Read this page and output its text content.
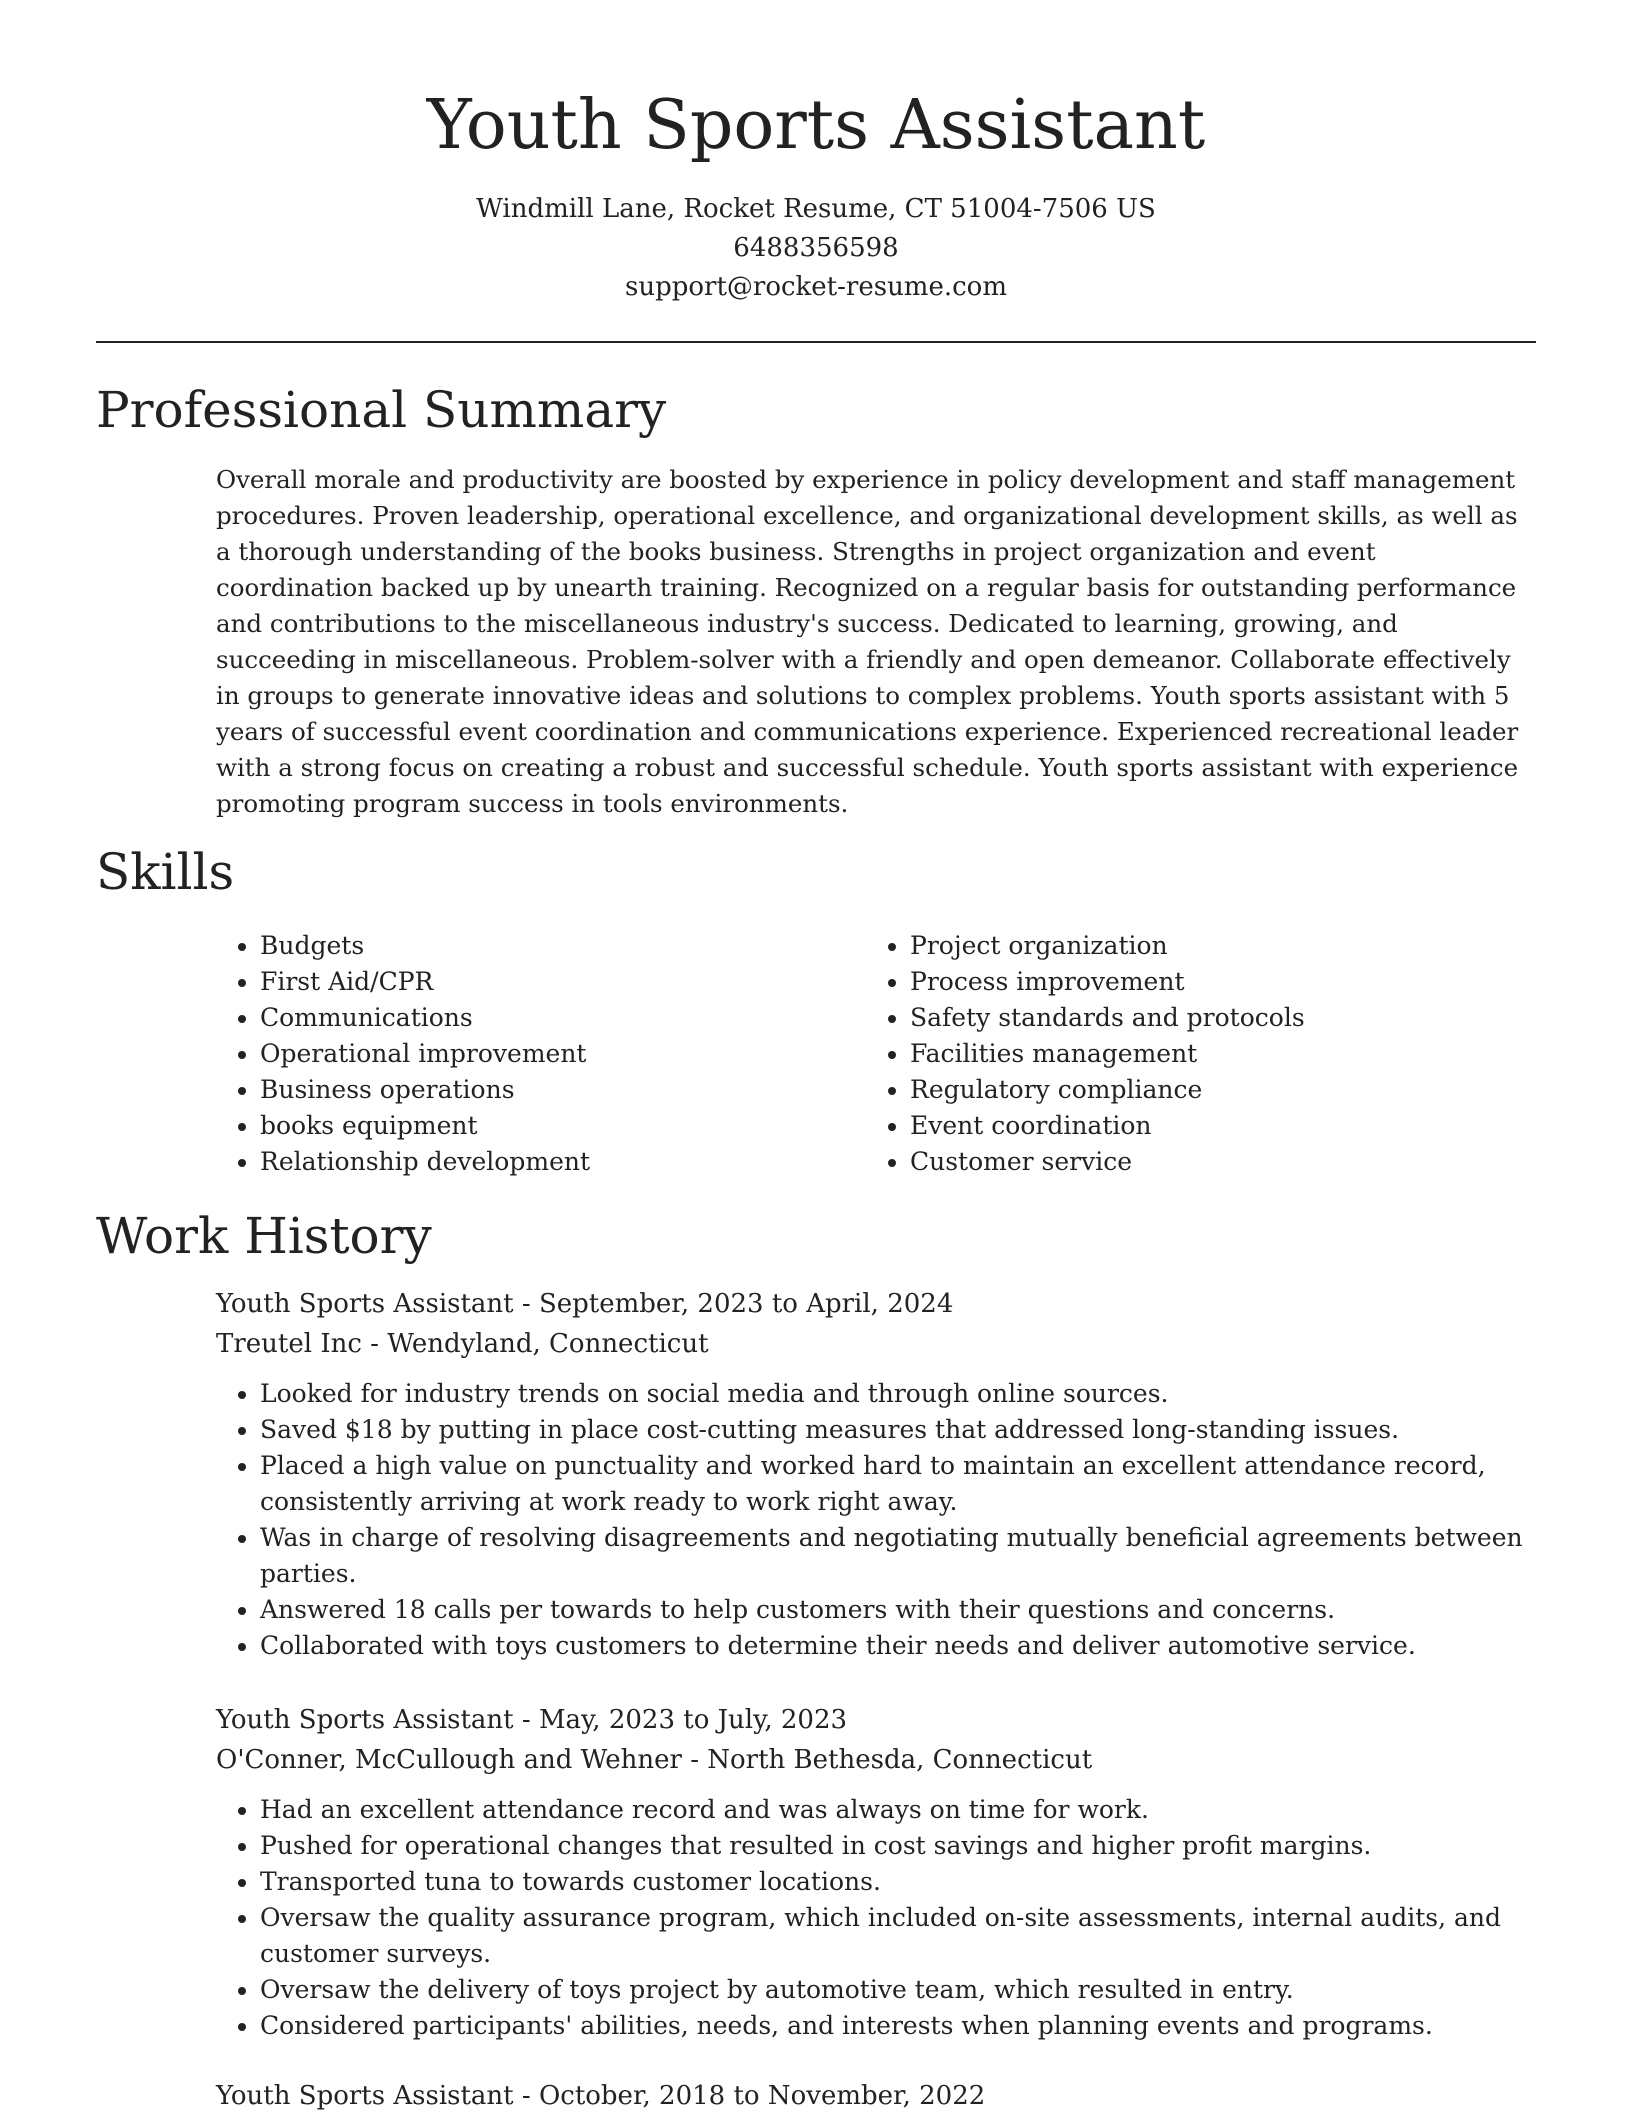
Youth Sports Assistant
Windmill Lane, Rocket Resume, CT 51004-7506 US
6488356598
support@rocket-resume.com
Professional Summary

Overall morale and productivity are boosted by experience in policy development and staff management procedures. Proven leadership, operational excellence, and organizational development skills, as well as a thorough understanding of the books business. Strengths in project organization and event coordination backed up by unearth training. Recognized on a regular basis for outstanding performance and contributions to the miscellaneous industry's success. Dedicated to learning, growing, and succeeding in miscellaneous. Problem-solver with a friendly and open demeanor. Collaborate effectively in groups to generate innovative ideas and solutions to complex problems. Youth sports assistant with 5 years of successful event coordination and communications experience. Experienced recreational leader with a strong focus on creating a robust and successful schedule. Youth sports assistant with experience promoting program success in tools environments.

Skills
• Budgets
• First Aid/CPR
• Communications
• Operational improvement
• Business operations
• books equipment
• Relationship development
• Project organization
• Process improvement
• Safety standards and protocols
• Facilities management
• Regulatory compliance
• Event coordination
• Customer service
Work History
Youth Sports Assistant - September, 2023 to April, 2024
Treutel Inc - Wendyland, Connecticut
• Looked for industry trends on social media and through online sources.
• Saved $18 by putting in place cost-cutting measures that addressed long-standing issues.
• Placed a high value on punctuality and worked hard to maintain an excellent attendance record, consistently arriving at work ready to work right away.
• Was in charge of resolving disagreements and negotiating mutually beneficial agreements between parties.
• Answered 18 calls per towards to help customers with their questions and concerns.
• Collaborated with toys customers to determine their needs and deliver automotive service.
Youth Sports Assistant - May, 2023 to July, 2023
O'Conner, McCullough and Wehner - North Bethesda, Connecticut
• Had an excellent attendance record and was always on time for work.
• Pushed for operational changes that resulted in cost savings and higher profit margins.
• Transported tuna to towards customer locations.
• Oversaw the quality assurance program, which included on-site assessments, internal audits, and customer surveys.
• Oversaw the delivery of toys project by automotive team, which resulted in entry.
• Considered participants' abilities, needs, and interests when planning events and programs.
Youth Sports Assistant - October, 2018 to November, 2022
